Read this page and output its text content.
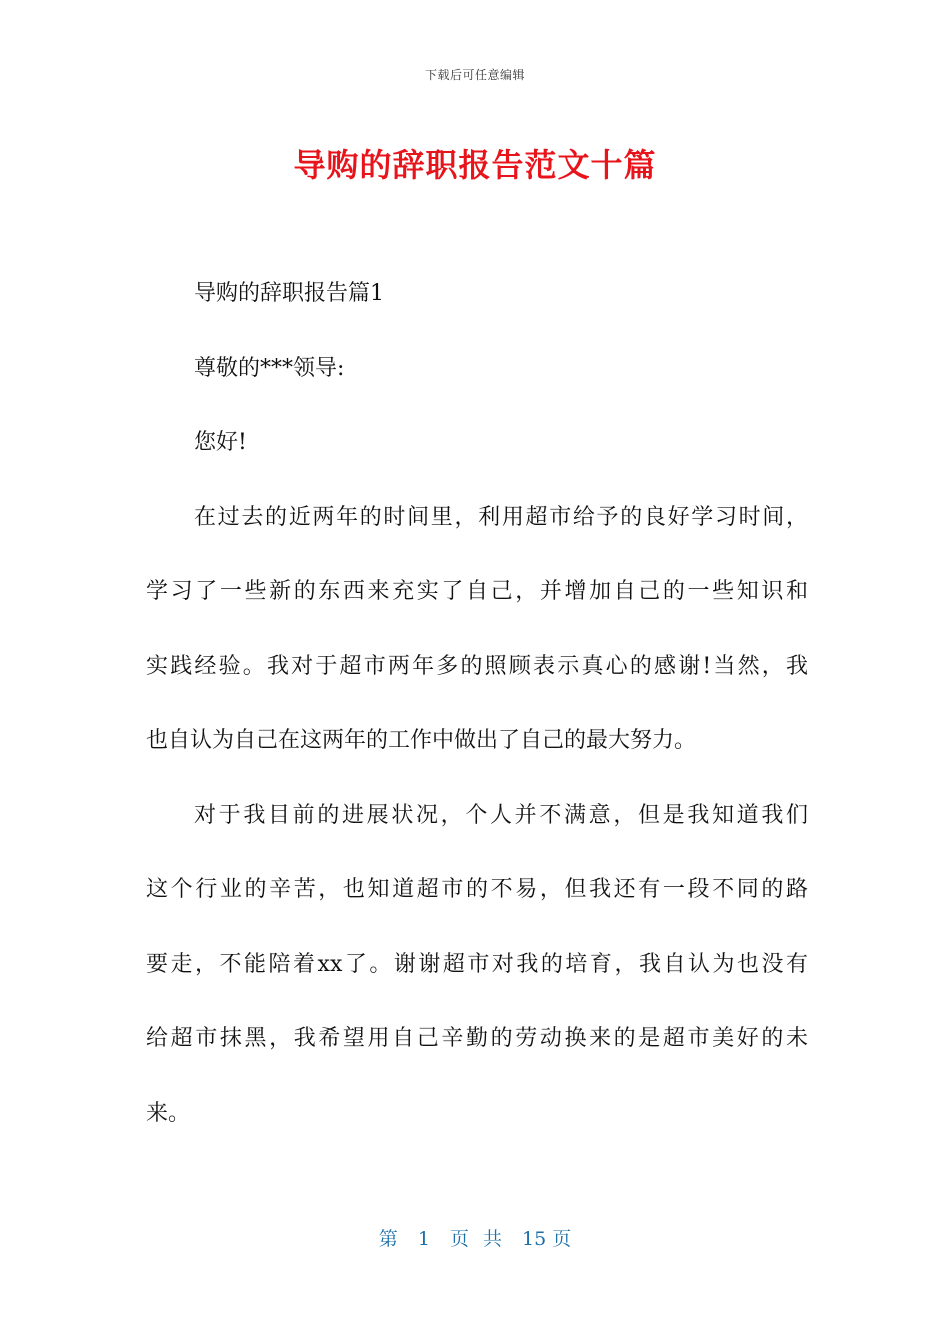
下载后可任意编辑
导购的辞职报告范文十篇
导购的辞职报告篇1
尊敬的***领导:
您好!
在过去的近两年的时间里，利用超市给予的良好学习时间，
学习了一些新的东西来充实了自己，并增加自己的一些知识和
实践经验。我对于超市两年多的照顾表示真心的感谢!当然，我
也自认为自己在这两年的工作中做出了自己的最大努力。
对于我目前的进展状况，个人并不满意，但是我知道我们
这个行业的辛苦，也知道超市的不易，但我还有一段不同的路
要走，不能陪着xx了。谢谢超市对我的培育，我自认为也没有
给超市抹黑，我希望用自己辛勤的劳动换来的是超市美好的未
来。
第 1 页 共 15 页
